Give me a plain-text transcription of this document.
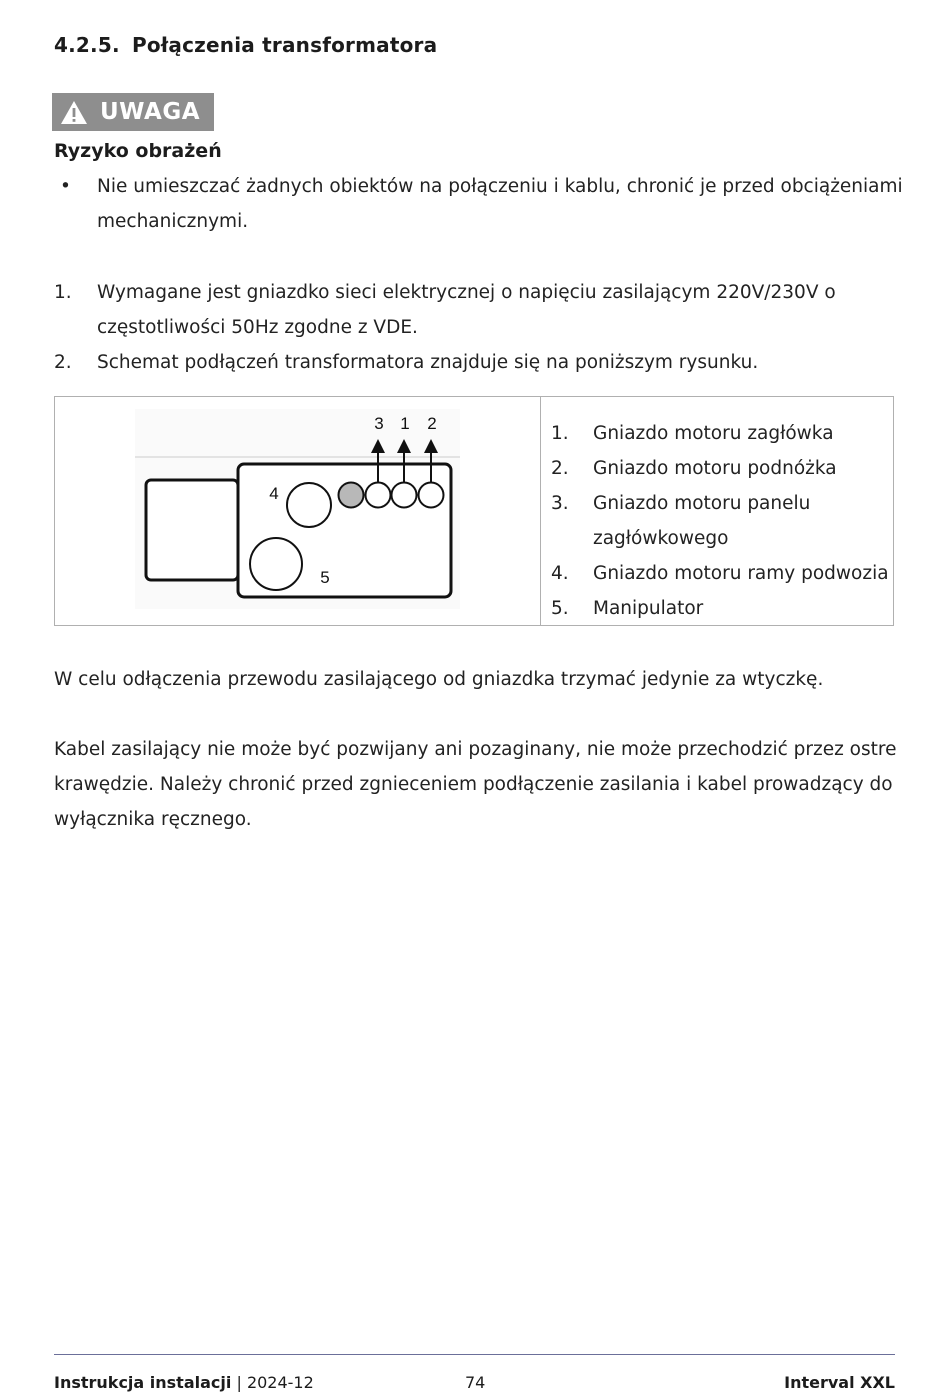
4.2.5. Połączenia transformatora
UWAGA
Ryzyko obrażeń
• Nie umieszczać żadnych obiektów na połączeniu i kablu, chronić je przed obciążeniami mechanicznymi.
1. Wymagane jest gniazdko sieci elektrycznej o napięciu zasilającym 220V/230V o częstotliwości 50Hz zgodne z VDE.
2. Schemat podłączeń transformatora znajduje się na poniższym rysunku.
3 1 2
4
5
1. Gniazdo motoru zagłówka
2. Gniazdo motoru podnóżka
3. Gniazdo motoru panelu zagłówkowego
4. Gniazdo motoru ramy podwozia
5. Manipulator
W celu odłączenia przewodu zasilającego od gniazdka trzymać jedynie za wtyczkę.
Kabel zasilający nie może być pozwijany ani pozaginany, nie może przechodzić przez ostre krawędzie. Należy chronić przed zgnieceniem podłączenie zasilania i kabel prowadzący do wyłącznika ręcznego.
Instrukcja instalacji | 2024-12	74	Interval XXL
